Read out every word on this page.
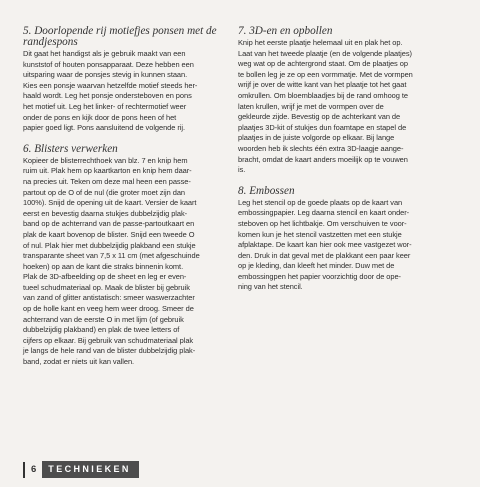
5. Doorlopende rij motiefjes ponsen met de
randjespons

Dit gaat het handigst als je gebruik maakt van een
kunststof of houten ponsapparaat. Deze hebben een
uitsparing waar de ponsjes stevig in kunnen staan.
Kies een ponsje waarvan hetzelfde motief steeds her-
haald wordt. Leg het ponsje ondersteboven en pons
het motief uit. Leg het linker- of rechtermotief weer
onder de pons en kijk door de pons heen of het
papier goed ligt. Pons aansluitend de volgende rij.

6. Blisters verwerken

Kopieer de blisterrechthoek van blz. 7 en knip hem
ruim uit. Plak hem op kaartkarton en knip hem daar-
na precies uit. Teken om deze mal heen een passe-
partout op de O of de nul (die groter moet zijn dan
100%). Snijd de opening uit de kaart. Versier de kaart
eerst en bevestig daarna stukjes dubbelzijdig plak-
band op de achterrand van de passe-partoutkaart en
plak de kaart bovenop de blister. Snijd een tweede O
of nul. Plak hier met dubbelzijdig plakband een stukje
transparante sheet van 7,5 x 11 cm (met afgeschuinde
hoeken) op aan de kant die straks binnenin komt.
Plak de 3D-afbeelding op de sheet en leg er even-
tueel schudmateriaal op. Maak de blister bij gebruik
van zand of glitter antistatisch: smeer waswerzachter
op de holle kant en veeg hem weer droog. Smeer de
achterrand van de eerste O in met lijm (of gebruik
dubbelzijdig plakband) en plak de twee letters of
cijfers op elkaar. Bij gebruik van schudmateriaal plak
je langs de hele rand van de blister dubbelzijdig plak-
band, zodat er niets uit kan vallen.

7. 3D-en en opbollen

Knip het eerste plaatje helemaal uit en plak het op.
Laat van het tweede plaatje (en de volgende plaatjes)
weg wat op de achtergrond staat. Om de plaatjes op
te bollen leg je ze op een vormmatje. Met de vormpen
wrijf je over de witte kant van het plaatje tot het gaat
omkrullen. Om bloemblaadjes bij de rand omhoog te
laten krullen, wrijf je met de vormpen over de
gekleurde zijde. Bevestig op de achterkant van de
plaatjes 3D-kit of stukjes dun foamtape en stapel de
plaatjes in de juiste volgorde op elkaar. Bij lange
woorden heb ik slechts één extra 3D-laagje aange-
bracht, omdat de kaart anders moeilijk op te vouwen
is.

8. Embossen

Leg het stencil op de goede plaats op de kaart van
embossingpapier. Leg daarna stencil en kaart onder-
steboven op het lichtbakje. Om verschuiven te voor-
komen kun je het stencil vastzetten met een stukje
afplaktape. De kaart kan hier ook mee vastgezet wor-
den. Druk in dat geval met de plakkant een paar keer
op je kleding, dan kleeft het minder. Duw met de
embossingpen het papier voorzichtig door de ope-
ning van het stencil.

6	TECHNIEKEN
